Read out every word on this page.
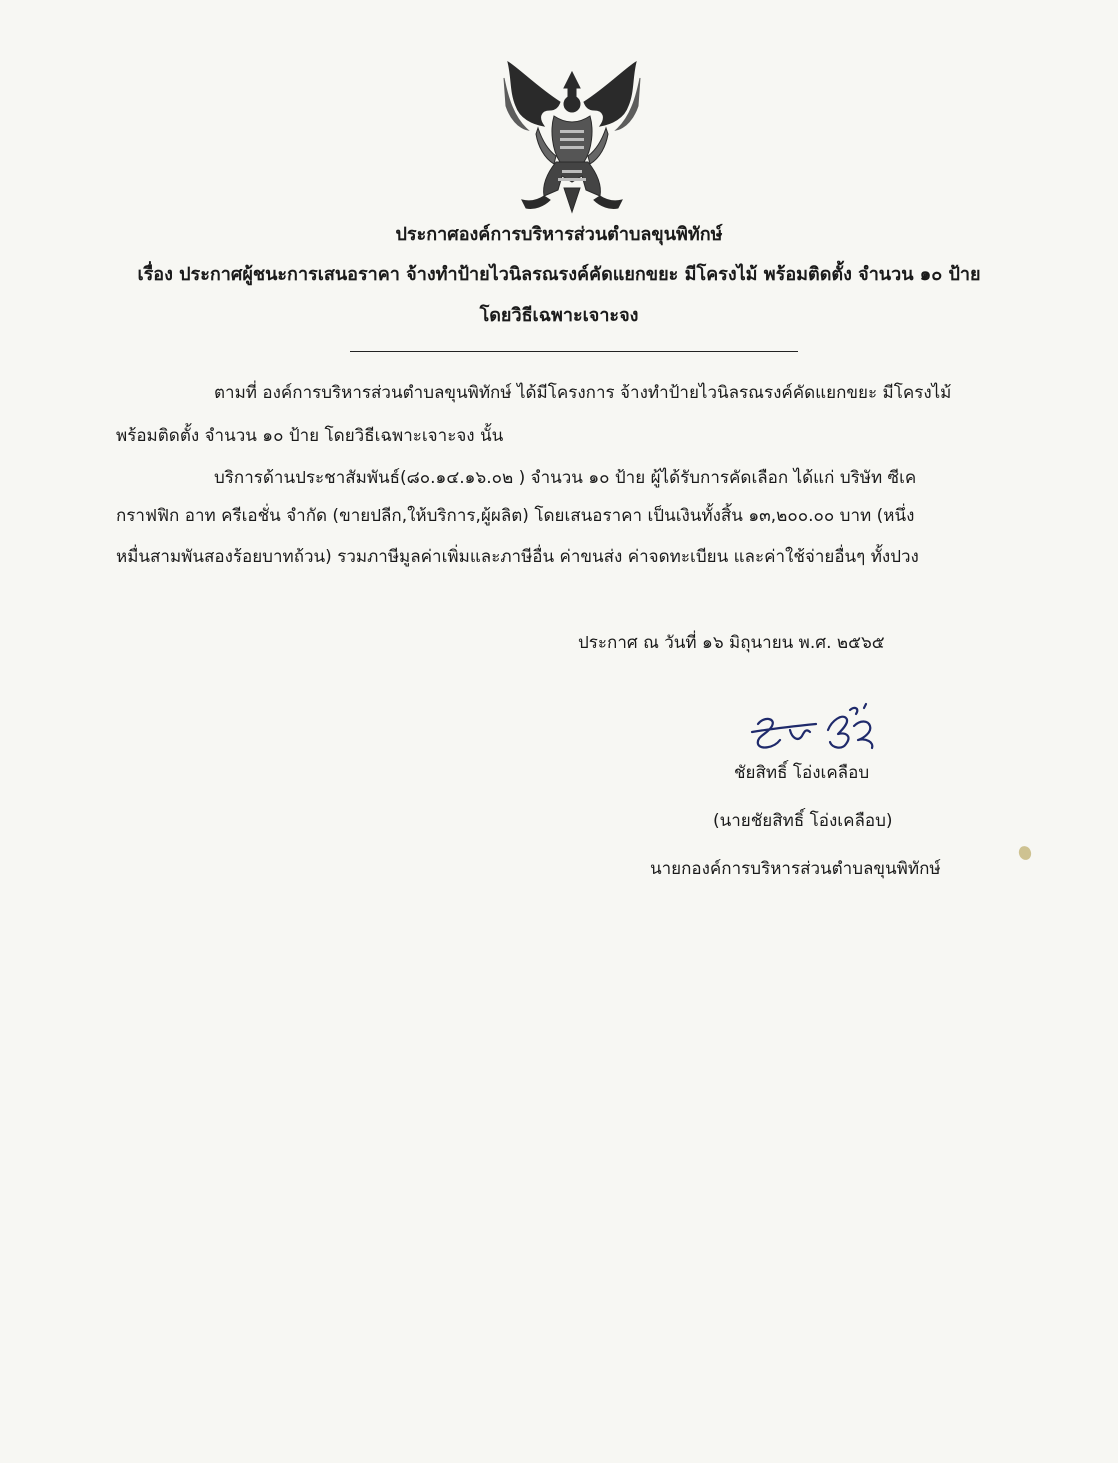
ประกาศองค์การบริหารส่วนตำบลขุนพิทักษ์
เรื่อง ประกาศผู้ชนะการเสนอราคา จ้างทำป้ายไวนิลรณรงค์คัดแยกขยะ มีโครงไม้ พร้อมติดตั้ง จำนวน ๑๐ ป้าย
โดยวิธีเฉพาะเจาะจง
ตามที่ องค์การบริหารส่วนตำบลขุนพิทักษ์ ได้มีโครงการ จ้างทำป้ายไวนิลรณรงค์คัดแยกขยะ มีโครงไม้
พร้อมติดตั้ง จำนวน ๑๐ ป้าย โดยวิธีเฉพาะเจาะจง นั้น
บริการด้านประชาสัมพันธ์(๘๐.๑๔.๑๖.๐๒ ) จำนวน ๑๐ ป้าย ผู้ได้รับการคัดเลือก ได้แก่ บริษัท ซีเค
กราฟฟิก อาท ครีเอชั่น จำกัด (ขายปลีก,ให้บริการ,ผู้ผลิต) โดยเสนอราคา เป็นเงินทั้งสิ้น ๑๓,๒๐๐.๐๐ บาท (หนึ่ง
หมื่นสามพันสองร้อยบาทถ้วน) รวมภาษีมูลค่าเพิ่มและภาษีอื่น ค่าขนส่ง ค่าจดทะเบียน และค่าใช้จ่ายอื่นๆ ทั้งปวง
ประกาศ ณ วันที่ ๑๖ มิถุนายน พ.ศ. ๒๕๖๕
ชัยสิทธิ์ โอ่งเคลือบ
(นายชัยสิทธิ์ โอ่งเคลือบ)
นายกองค์การบริหารส่วนตำบลขุนพิทักษ์
